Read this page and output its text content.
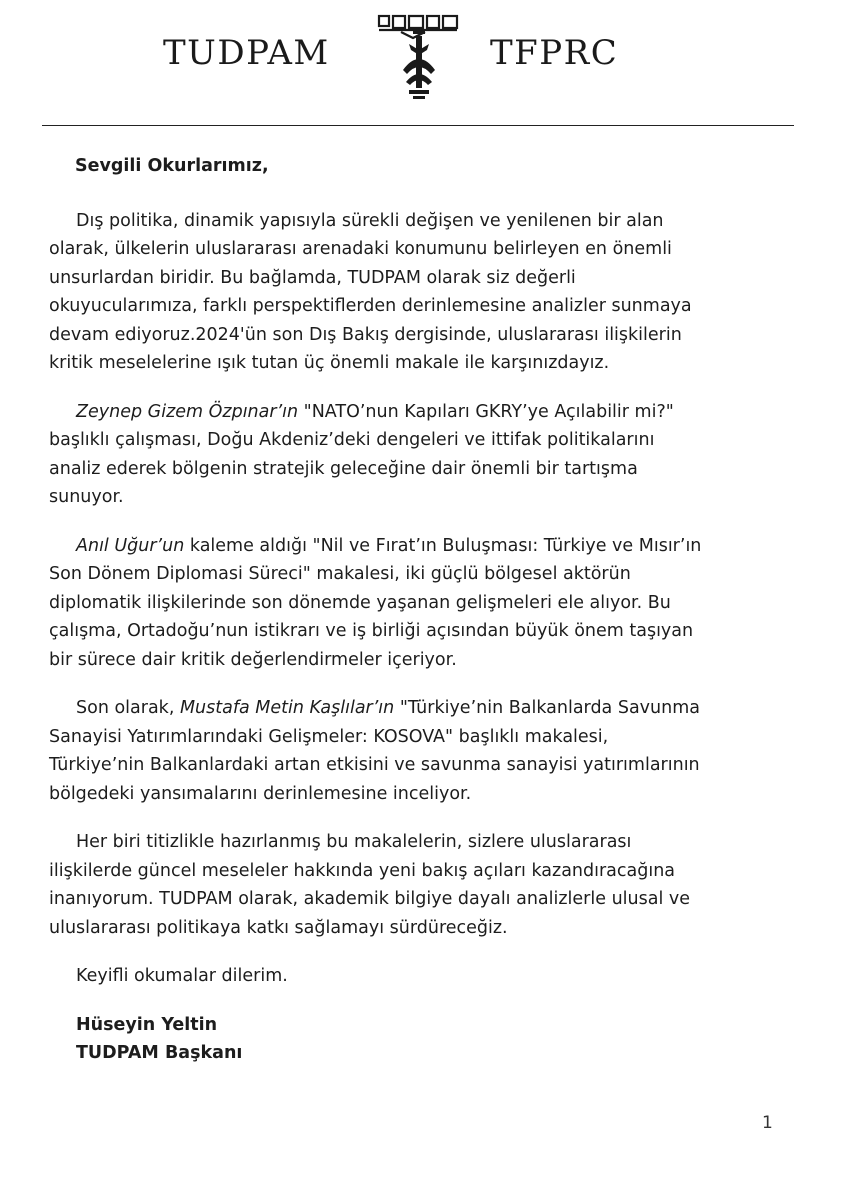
TUDPAM	TFPRC

Sevgili Okurlarımız,

Dış politika, dinamik yapısıyla sürekli değişen ve yenilenen bir alan
olarak, ülkelerin uluslararası arenadaki konumunu belirleyen en önemli
unsurlardan biridir. Bu bağlamda, TUDPAM olarak siz değerli
okuyucularımıza, farklı perspektiflerden derinlemesine analizler sunmaya
devam ediyoruz.2024'ün son Dış Bakış dergisinde, uluslararası ilişkilerin
kritik meselelerine ışık tutan üç önemli makale ile karşınızdayız.

Zeynep Gizem Özpınar’ın "NATO’nun Kapıları GKRY’ye Açılabilir mi?"
başlıklı çalışması, Doğu Akdeniz’deki dengeleri ve ittifak politikalarını
analiz ederek bölgenin stratejik geleceğine dair önemli bir tartışma
sunuyor.

Anıl Uğur’un kaleme aldığı "Nil ve Fırat’ın Buluşması: Türkiye ve Mısır’ın
Son Dönem Diplomasi Süreci" makalesi, iki güçlü bölgesel aktörün
diplomatik ilişkilerinde son dönemde yaşanan gelişmeleri ele alıyor. Bu
çalışma, Ortadoğu’nun istikrarı ve iş birliği açısından büyük önem taşıyan
bir sürece dair kritik değerlendirmeler içeriyor.

Son olarak, Mustafa Metin Kaşlılar’ın "Türkiye’nin Balkanlarda Savunma
Sanayisi Yatırımlarındaki Gelişmeler: KOSOVA" başlıklı makalesi,
Türkiye’nin Balkanlardaki artan etkisini ve savunma sanayisi yatırımlarının
bölgedeki yansımalarını derinlemesine inceliyor.

Her biri titizlikle hazırlanmış bu makalelerin, sizlere uluslararası
ilişkilerde güncel meseleler hakkında yeni bakış açıları kazandıracağına
inanıyorum. TUDPAM olarak, akademik bilgiye dayalı analizlerle ulusal ve
uluslararası politikaya katkı sağlamayı sürdüreceğiz.

Keyifli okumalar dilerim.

Hüseyin Yeltin
TUDPAM Başkanı

1
